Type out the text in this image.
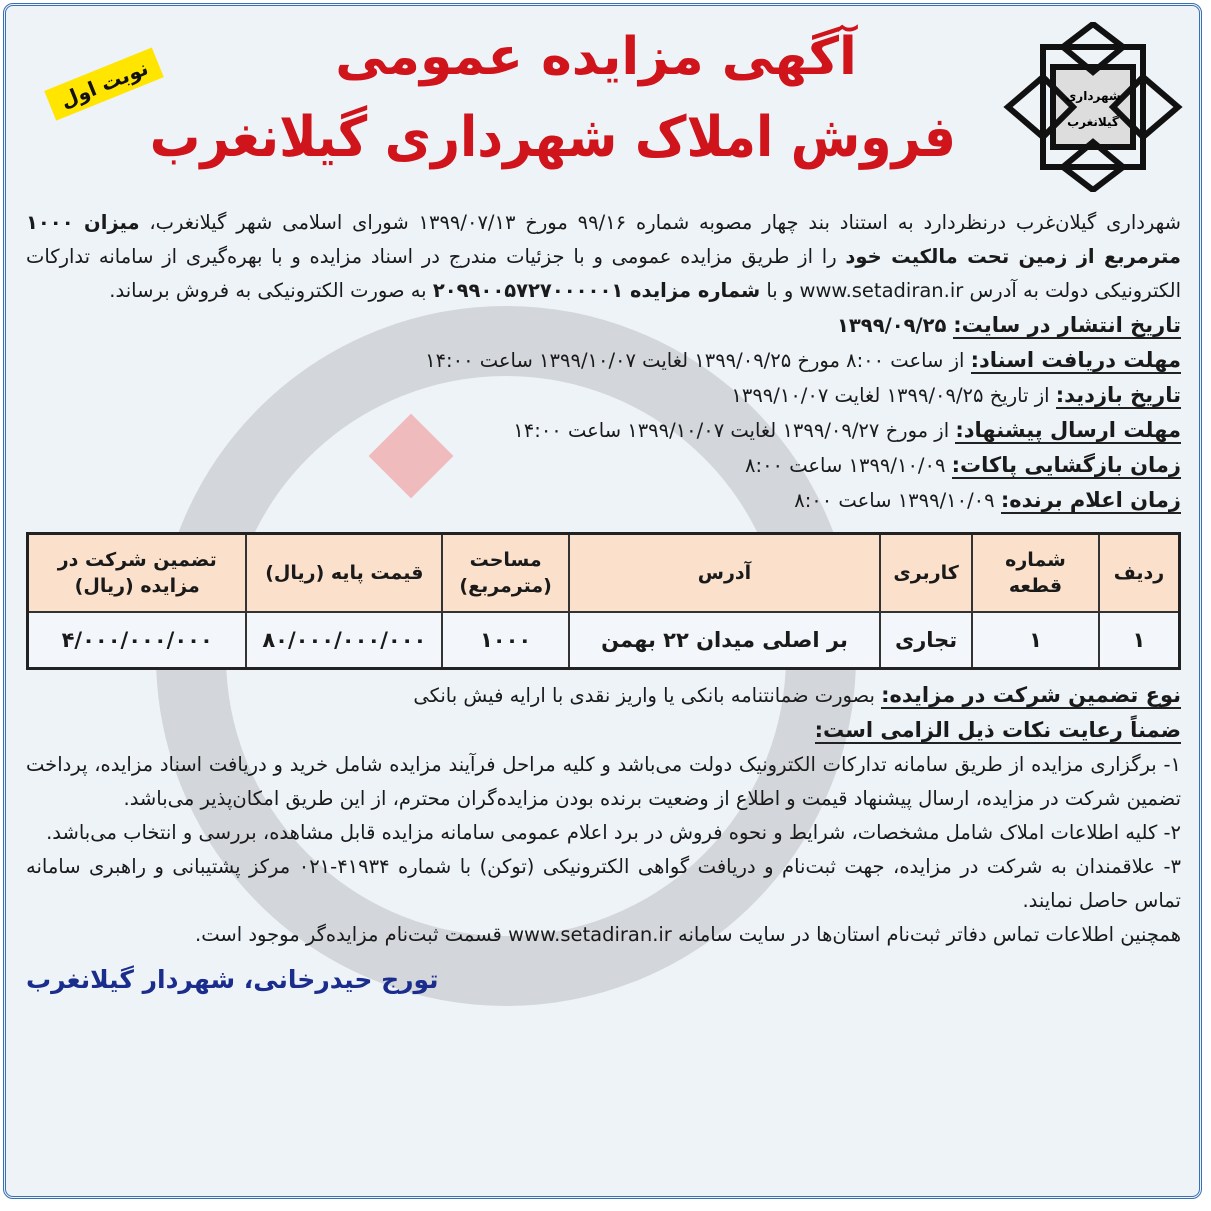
شهرداری
گیلانغرب
آگهی مزایده عمومی
فروش املاک شهرداری گیلانغرب
نوبت اول

شهرداری گیلان‌غرب درنظردارد به استناد بند چهار مصوبه شماره ۹۹/۱۶ مورخ ۱۳۹۹/۰۷/۱۳ شورای اسلامی شهر گیلانغرب، میزان ۱۰۰۰ مترمربع از زمین تحت مالکیت خود را از طریق مزایده عمومی و با جزئیات مندرج در اسناد مزایده و با بهره‌گیری از سامانه تدارکات الکترونیکی دولت به آدرس www.setadiran.ir و با شماره مزایده ۲۰۹۹۰۰۵۷۲۷۰۰۰۰۰۱ به صورت الکترونیکی به فروش برساند.

تاریخ انتشار در سایت: ۱۳۹۹/۰۹/۲۵
مهلت دریافت اسناد: از ساعت ۸:۰۰ مورخ ۱۳۹۹/۰۹/۲۵ لغایت ۱۳۹۹/۱۰/۰۷ ساعت ۱۴:۰۰
تاریخ بازدید: از تاریخ ۱۳۹۹/۰۹/۲۵ لغایت ۱۳۹۹/۱۰/۰۷
مهلت ارسال پیشنهاد: از مورخ ۱۳۹۹/۰۹/۲۷ لغایت ۱۳۹۹/۱۰/۰۷ ساعت ۱۴:۰۰
زمان بازگشایی پاکات: ۱۳۹۹/۱۰/۰۹ ساعت ۸:۰۰
زمان اعلام برنده: ۱۳۹۹/۱۰/۰۹ ساعت ۸:۰۰
ردیف	شماره قطعه	کاربری	آدرس	مساحت (مترمربع)	قیمت پایه (ریال)	تضمین شرکت در مزایده (ریال)
۱	۱	تجاری	بر اصلی میدان ۲۲ بهمن	۱۰۰۰	۸۰/۰۰۰/۰۰۰/۰۰۰	۴/۰۰۰/۰۰۰/۰۰۰
نوع تضمین شرکت در مزایده: بصورت ضمانتنامه بانکی یا واریز نقدی با ارایه فیش بانکی
ضمناً رعایت نکات ذیل الزامی است:

۱- برگزاری مزایده از طریق سامانه تدارکات الکترونیک دولت می‌باشد و کلیه مراحل فرآیند مزایده شامل خرید و دریافت اسناد مزایده، پرداخت تضمین شرکت در مزایده، ارسال پیشنهاد قیمت و اطلاع از وضعیت برنده بودن مزایده‌گران محترم، از این طریق امکان‌پذیر می‌باشد.

۲- کلیه اطلاعات املاک شامل مشخصات، شرایط و نحوه فروش در برد اعلام عمومی سامانه مزایده قابل مشاهده، بررسی و انتخاب می‌باشد.

۳- علاقمندان به شرکت در مزایده، جهت ثبت‌نام و دریافت گواهی الکترونیکی (توکن) با شماره ۴۱۹۳۴-۰۲۱ مرکز پشتیبانی و راهبری سامانه تماس حاصل نمایند.

همچنین اطلاعات تماس دفاتر ثبت‌نام استان‌ها در سایت سامانه www.setadiran.ir قسمت ثبت‌نام مزایده‌گر موجود است.

تورج حیدرخانی، شهردار گیلانغرب
